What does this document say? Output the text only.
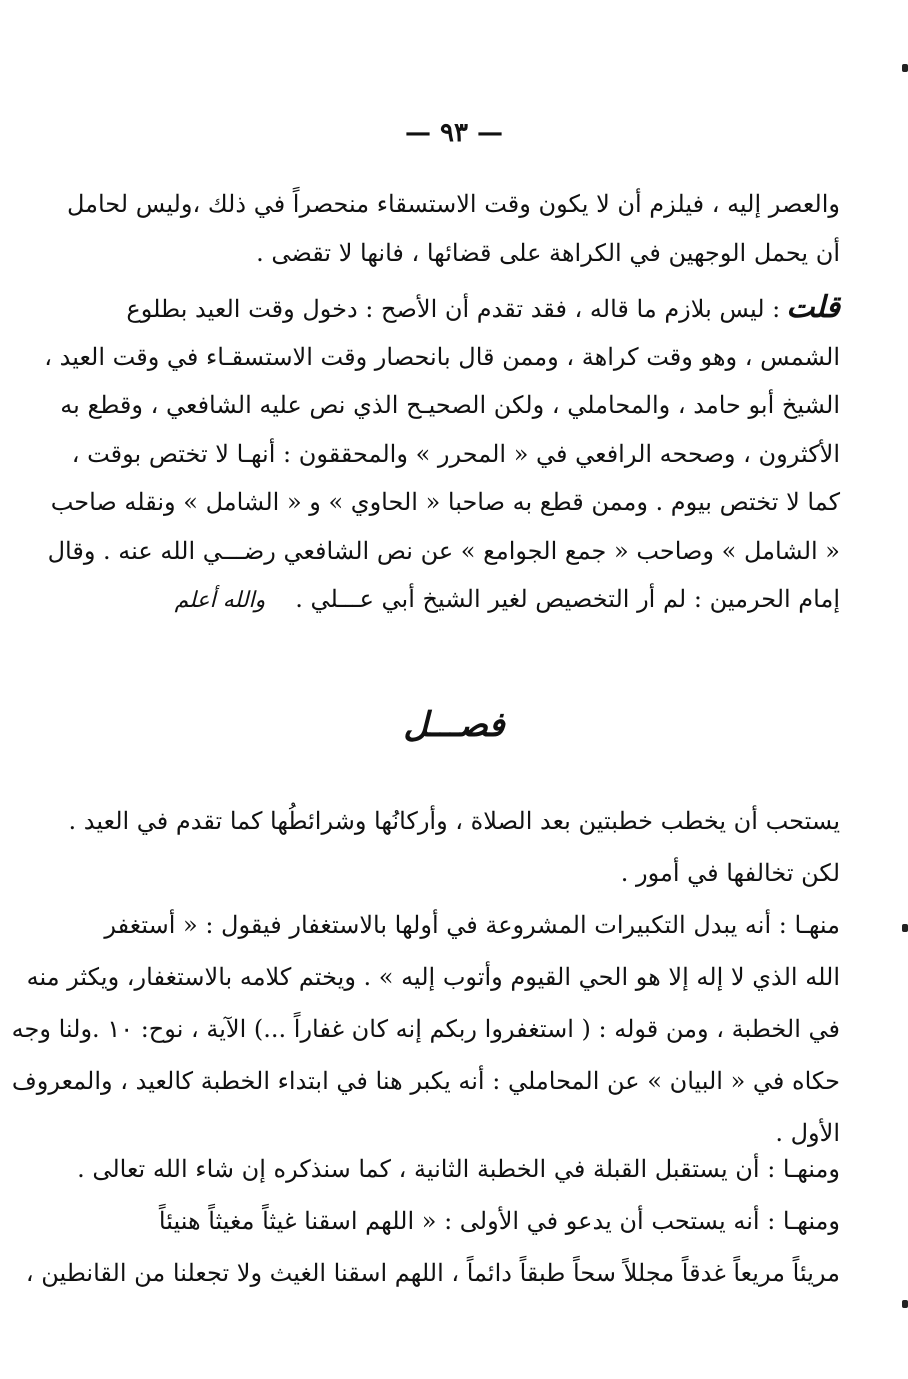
— ٩٣ —
والعصر إليه ، فيلزم أن لا يكون وقت الاستسقاء منحصراً في ذلك ،وليس لحامل
أن يحمل الوجهين في الكراهة على قضائها ، فانها لا تقضى .
قلت: ليس بلازم ما قاله ، فقد تقدم أن الأصح : دخول وقت العيد بطلوع
الشمس ، وهو وقت كراهة ، وممن قال بانحصار وقت الاستسقـاء في وقت العيد ،
الشيخ أبو حامد ، والمحاملي ، ولكن الصحيـح الذي نص عليه الشافعي ، وقطع به
الأكثرون ، وصححه الرافعي في « المحرر » والمحققون : أنهـا لا تختص بوقت ،
كما لا تختص بيوم . وممن قطع به صاحبا « الحاوي » و « الشامل » ونقله صاحب
« الشامل » وصاحب « جمع الجوامع » عن نص الشافعي رضـــي الله عنه . وقال
إمام الحرمين : لم أر التخصيص لغير الشيخ أبي عـــلي .والله أعلم
فصـــل
يستحب أن يخطب خطبتين بعد الصلاة ، وأركانُها وشرائطُها كما تقدم في العيد .
لكن تخالفها في أمور .
منهـا : أنه يبدل التكبيرات المشروعة في أولها بالاستغفار فيقول : « أستغفر
الله الذي لا إله إلا هو الحي القيوم وأتوب إليه » . ويختم كلامه بالاستغفار، ويكثر منه
في الخطبة ، ومن قوله : ( استغفروا ربكم إنه كان غفاراً ...) الآية ، نوح: ١٠ .ولنا وجه
حكاه في « البيان » عن المحاملي : أنه يكبر هنا في ابتداء الخطبة كالعيد ، والمعروف
الأول .
ومنهـا : أن يستقبل القبلة في الخطبة الثانية ، كما سنذكره إن شاء الله تعالى .
ومنهـا : أنه يستحب أن يدعو في الأولى : « اللهم اسقنا غيثاً مغيثاً هنيئاً
مريئاً مريعاً غدقاً مجللاً سحاً طبقاً دائماً ، اللهم اسقنا الغيث ولا تجعلنا من القانطين ،
